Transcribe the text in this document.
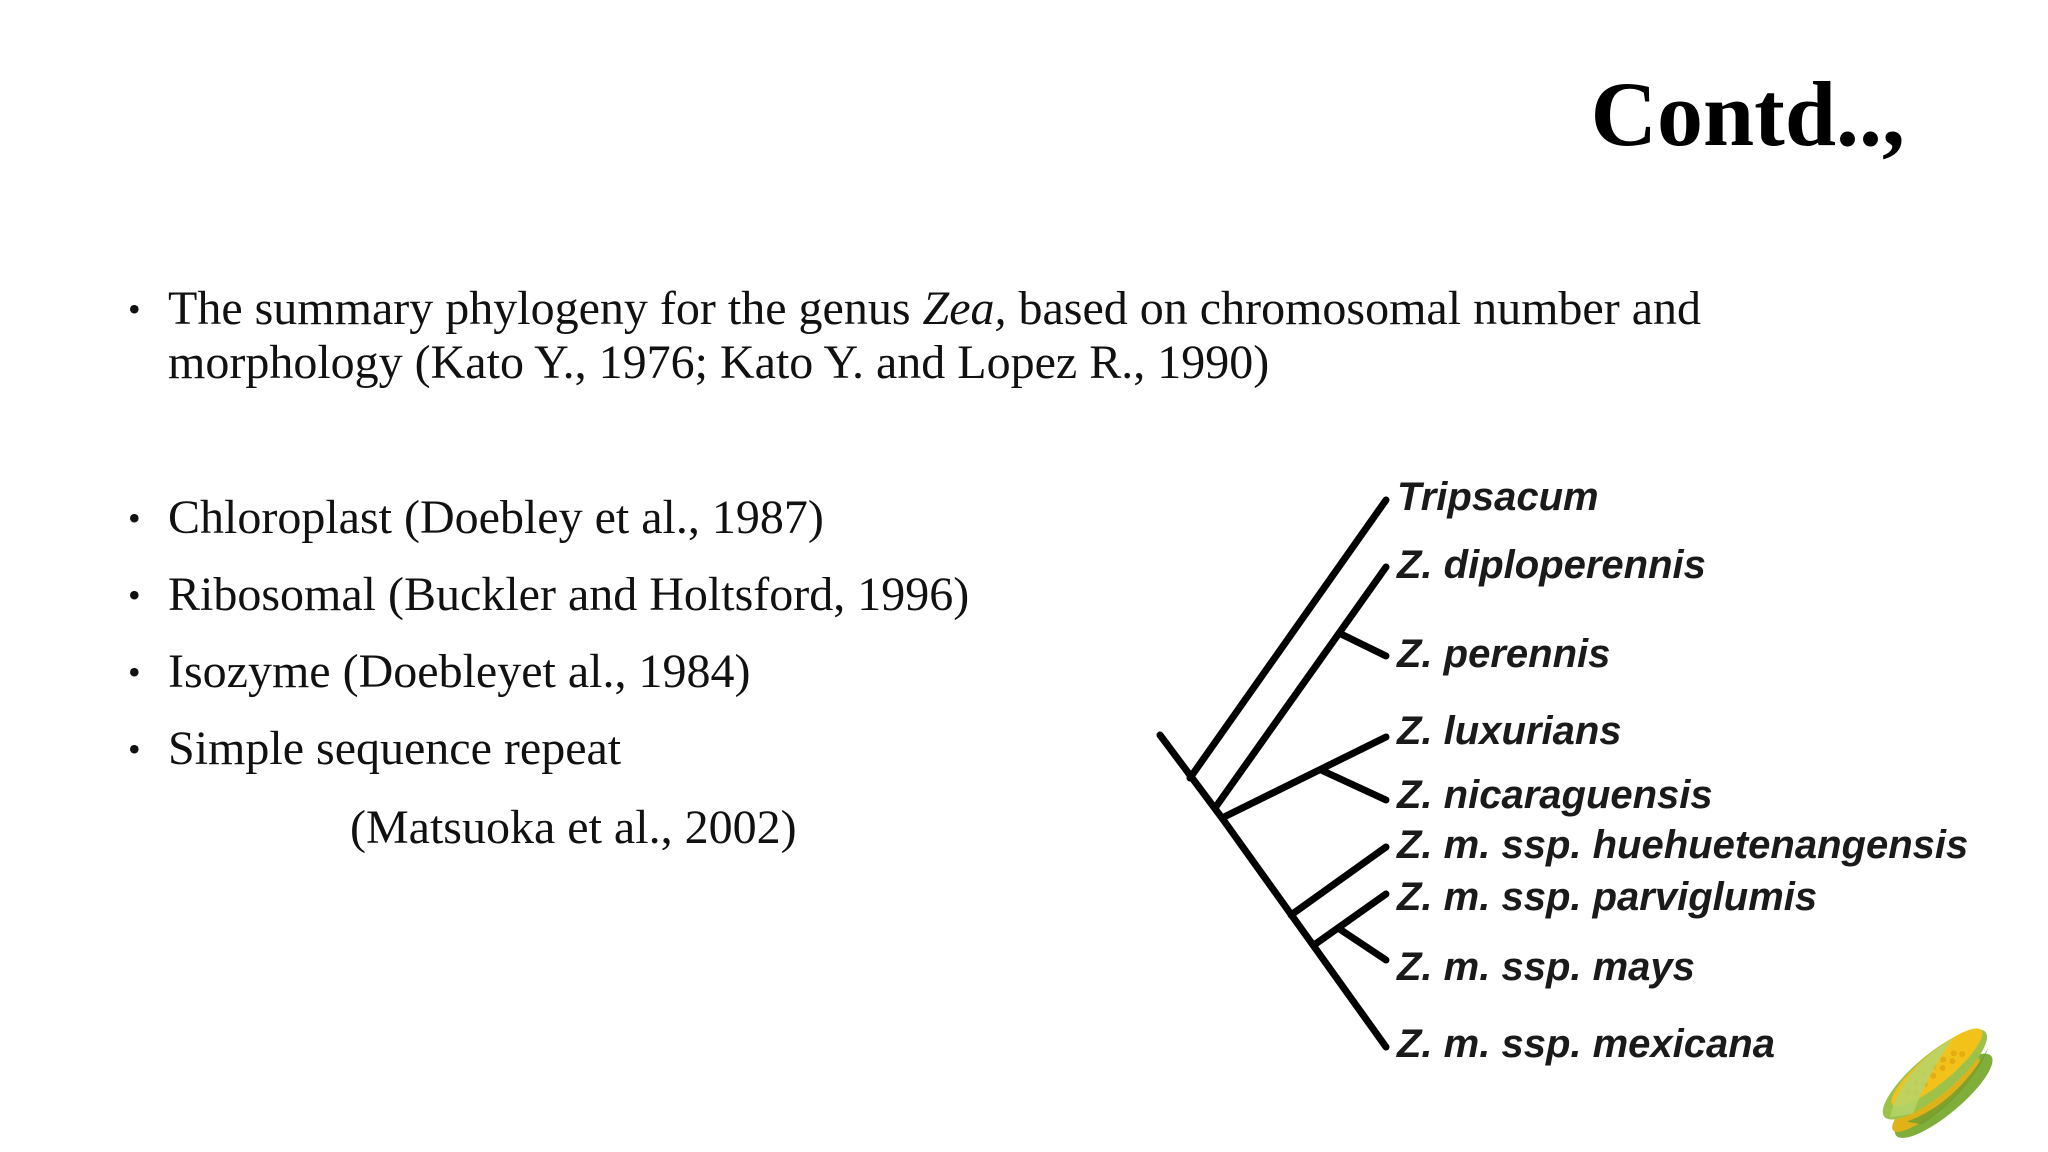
Contd..,
• The summary phylogeny for the genus Zea, based on chromosomal number and morphology (Kato Y., 1976; Kato Y. and Lopez R., 1990)
• Chloroplast (Doebley et al., 1987)
• Ribosomal (Buckler and Holtsford, 1996)
• Isozyme (Doebleyet al., 1984)
• Simple sequence repeat
(Matsuoka et al., 2002)
Tripsacum
Z. diploperennis
Z. perennis
Z. luxurians
Z. nicaraguensis
Z. m. ssp. huehuetenangensis
Z. m. ssp. parviglumis
Z. m. ssp. mays
Z. m. ssp. mexicana
